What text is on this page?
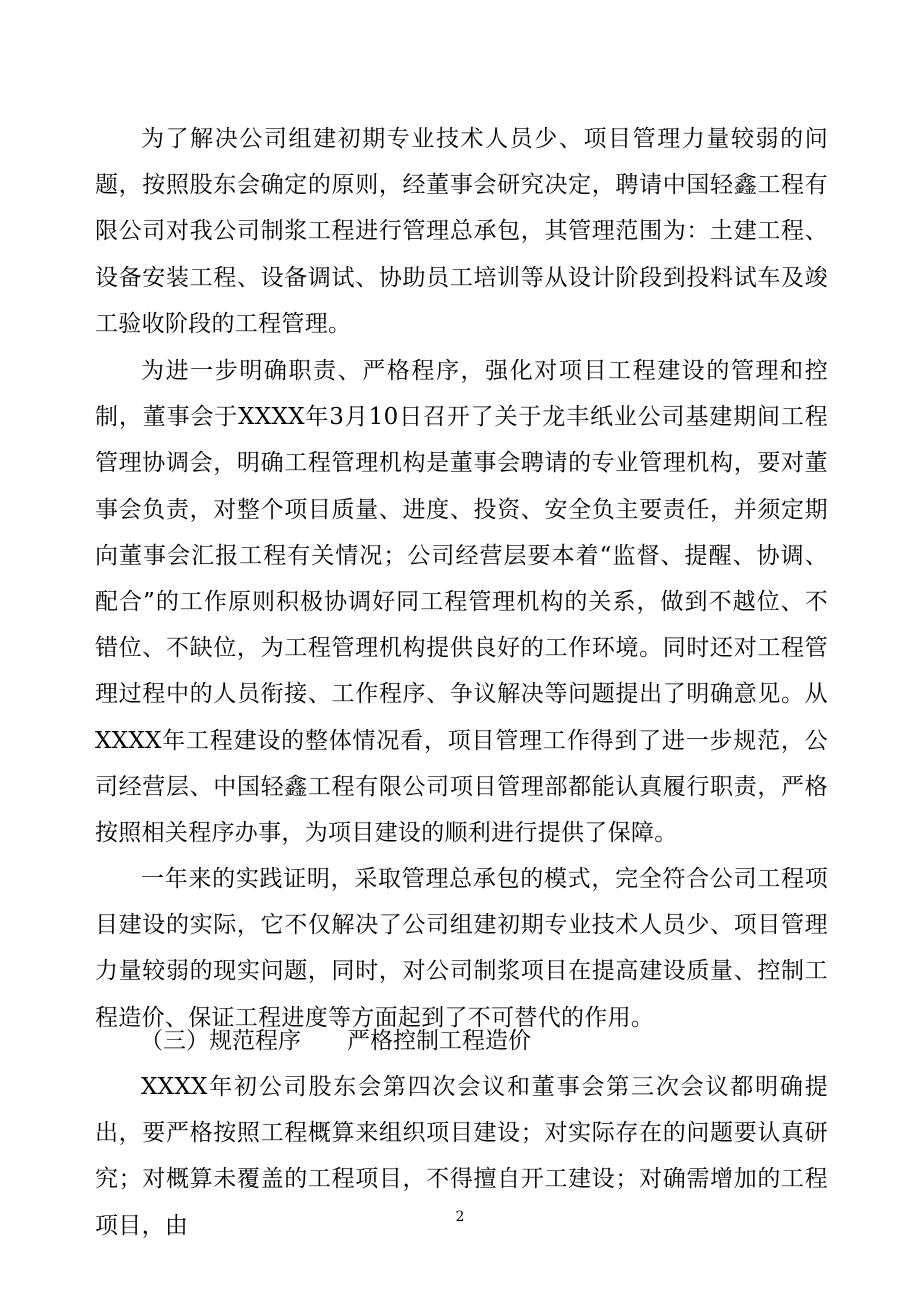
为了解决公司组建初期专业技术人员少、项目管理力量较弱的问题，按照股东会确定的原则，经董事会研究决定，聘请中国轻鑫工程有限公司对我公司制浆工程进行管理总承包，其管理范围为：土建工程、设备安装工程、设备调试、协助员工培训等从设计阶段到投料试车及竣工验收阶段的工程管理。

为进一步明确职责、严格程序，强化对项目工程建设的管理和控制，董事会于XXXX年3月10日召开了关于龙丰纸业公司基建期间工程管理协调会，明确工程管理机构是董事会聘请的专业管理机构，要对董事会负责，对整个项目质量、进度、投资、安全负主要责任，并须定期向董事会汇报工程有关情况；公司经营层要本着“监督、提醒、协调、配合”的工作原则积极协调好同工程管理机构的关系，做到不越位、不错位、不缺位，为工程管理机构提供良好的工作环境。同时还对工程管理过程中的人员衔接、工作程序、争议解决等问题提出了明确意见。从XXXX年工程建设的整体情况看，项目管理工作得到了进一步规范，公司经营层、中国轻鑫工程有限公司项目管理部都能认真履行职责，严格按照相关程序办事，为项目建设的顺利进行提供了保障。

一年来的实践证明，采取管理总承包的模式，完全符合公司工程项目建设的实际，它不仅解决了公司组建初期专业技术人员少、项目管理力量较弱的现实问题，同时，对公司制浆项目在提高建设质量、控制工程造价、保证工程进度等方面起到了不可替代的作用。

（三）规范程序　　严格控制工程造价

XXXX年初公司股东会第四次会议和董事会第三次会议都明确提出，要严格按照工程概算来组织项目建设；对实际存在的问题要认真研究；对概算未覆盖的工程项目，不得擅自开工建设；对确需增加的工程项目，由	2
